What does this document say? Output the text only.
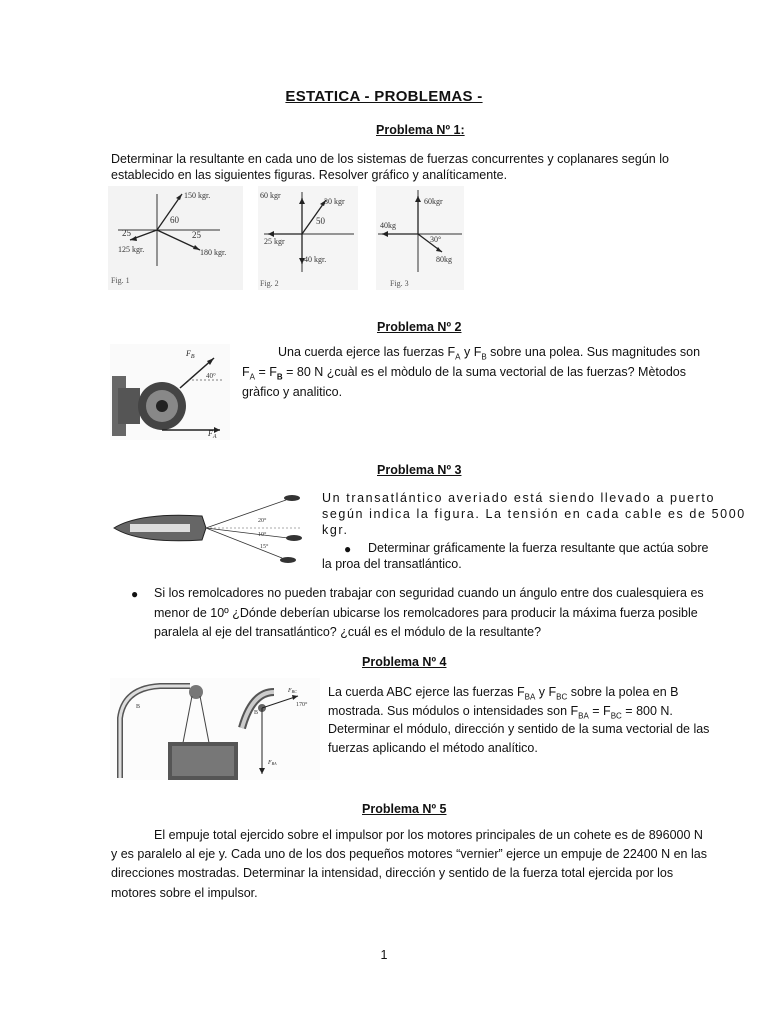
ESTATICA - PROBLEMAS -
Problema Nº 1:
Determinar la resultante en cada uno de los sistemas de fuerzas concurrentes y coplanares según lo
establecido en las siguientes figuras. Resolver gráfico y analíticamente.
150 kgr.
60
25	25
125 kgr.	180 kgr.
Fig. 1
60 kgr
30 kgr
50
25 kgr
40 kgr.
Fig. 2
60kgr
40kg
30°
80kg
Fig. 3
Problema Nº 2
$F_B$
$F_A$
40°
Una cuerda ejerce las fuerzas $F_A$ y $F_B$ sobre una polea. Sus magnitudes son
$F_A = F_B = 80$ N ¿cuàl es el mòdulo de la suma vectorial de las fuerzas? Mètodos
gràfico y analitico.
Problema Nº 3
20°
10°
15°
Un transatlántico averiado está siendo llevado a puerto
según indica la figura. La tensión en cada cable es de 5000
kgr.
● Determinar gráficamente la fuerza resultante que actúa sobre
la proa del transatlántico.
● Si los remolcadores no pueden trabajar con seguridad cuando un ángulo entre dos cualesquiera es
menor de 10º ¿Dónde deberían ubicarse los remolcadores para producir la máxima fuerza posible
paralela al eje del transatlántico? ¿cuál es el módulo de la resultante?
Problema Nº 4
B
B
FBC
170°
FBA
La cuerda ABC ejerce las fuerzas $F_{BA}$ y $F_{BC}$ sobre la polea en B
mostrada. Sus módulos o intensidades son $F_{BA} = F_{BC} = 800$ N.
Determinar el módulo, dirección y sentido de la suma vectorial de las
fuerzas aplicando el método analítico.
Problema Nº 5
El empuje total ejercido sobre el impulsor por los motores principales de un cohete es de 896000 N
y es paralelo al eje y. Cada uno de los dos pequeños motores “vernier” ejerce un empuje de 22400 N en las
direcciones mostradas. Determinar la intensidad, dirección y sentido de la fuerza total ejercida por los
motores sobre el impulsor.
1
